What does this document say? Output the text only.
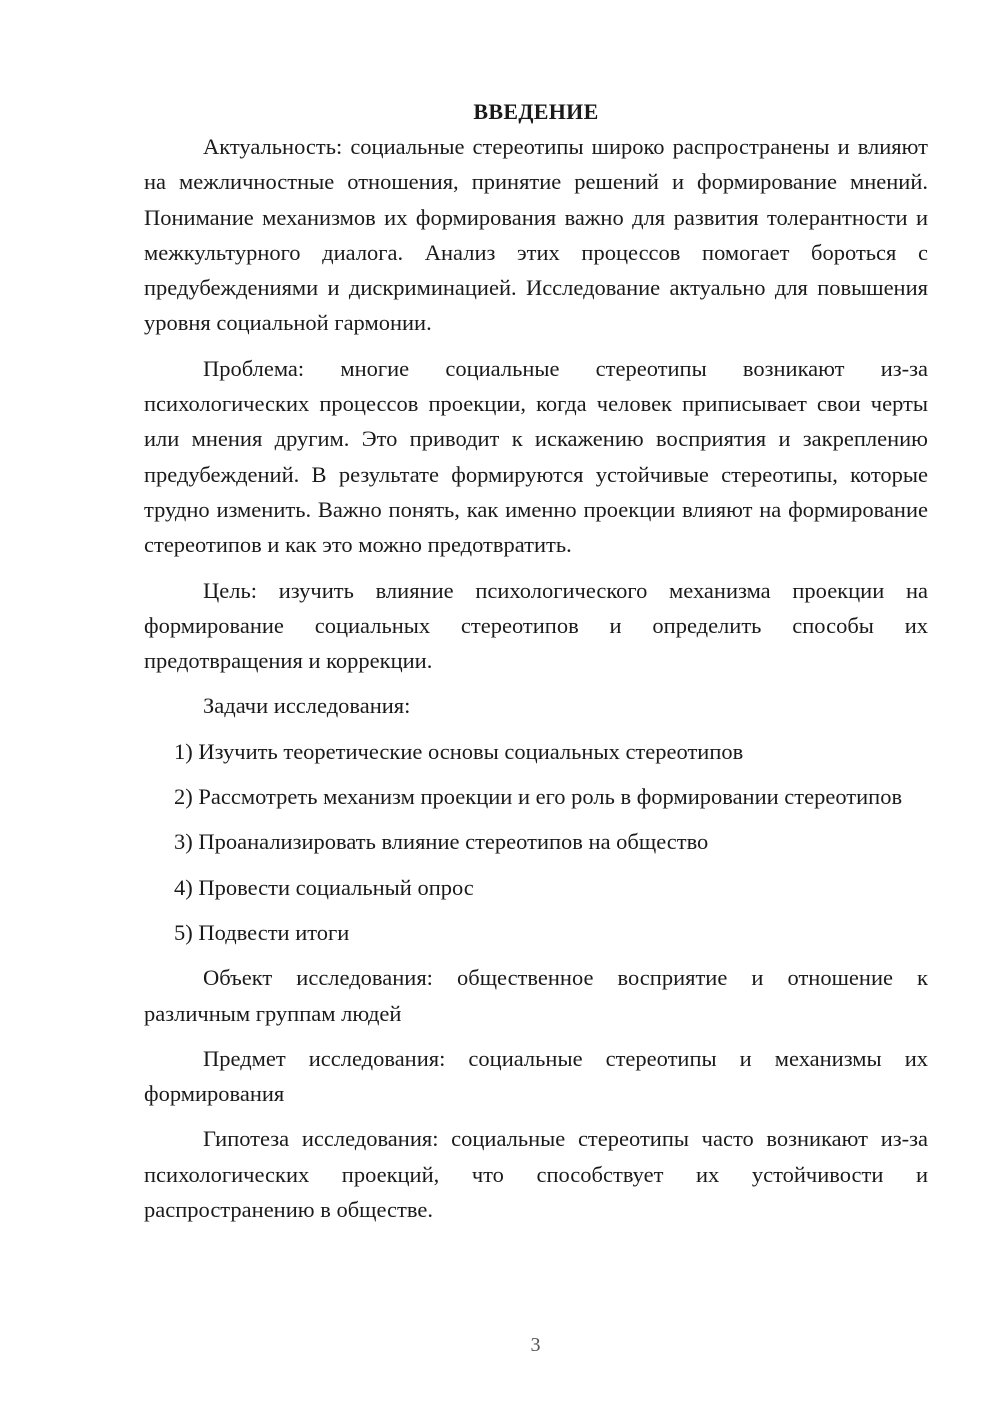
ВВЕДЕНИЕ

Актуальность: социальные стереотипы широко распространены и влияют на межличностные отношения, принятие решений и формирование мнений. Понимание механизмов их формирования важно для развития толерантности и межкультурного диалога. Анализ этих процессов помогает бороться с предубеждениями и дискриминацией. Исследование актуально для повышения уровня социальной гармонии.

Проблема: многие социальные стереотипы возникают из-за психологических процессов проекции, когда человек приписывает свои черты или мнения другим. Это приводит к искажению восприятия и закреплению предубеждений. В результате формируются устойчивые стереотипы, которые трудно изменить. Важно понять, как именно проекции влияют на формирование стереотипов и как это можно предотвратить.

Цель: изучить влияние психологического механизма проекции на формирование социальных стереотипов и определить способы их предотвращения и коррекции.

Задачи исследования:

1) Изучить теоретические основы социальных стереотипов

2) Рассмотреть механизм проекции и его роль в формировании стереотипов

3) Проанализировать влияние стереотипов на общество

4) Провести социальный опрос

5) Подвести итоги

Объект исследования: общественное восприятие и отношение к различным группам людей

Предмет исследования: социальные стереотипы и механизмы их формирования

Гипотеза исследования: социальные стереотипы часто возникают из-за психологических проекций, что способствует их устойчивости и распространению в обществе.

3
